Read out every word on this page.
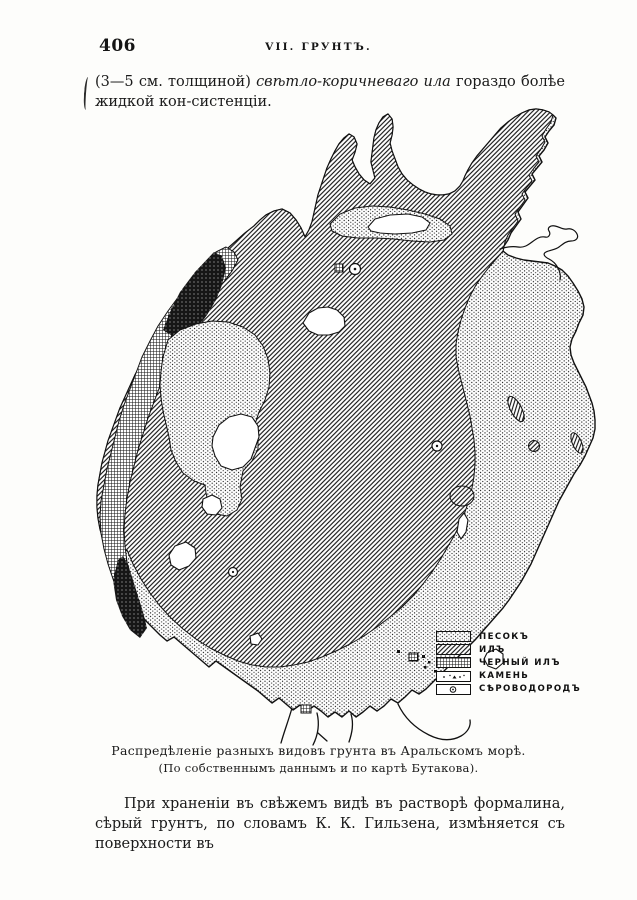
406	VII. ГРУНТЪ.
(3—5 см. толщиной) свѣтло-коричневаго ила гораздо болѣе жидкой кон-​систенціи.
ПЕСОКЪ
ИЛЪ
ЧЕРНЫЙ ИЛЪ
КАМЕНЬ
СѢРОВОДОРОДЪ
Распредѣленіе разныхъ видовъ грунта въ Аральскомъ морѣ.
(По собственнымъ даннымъ и по картѣ Бутакова).
При храненіи въ свѣжемъ видѣ въ растворѣ формалина, сѣрый грунтъ, по словамъ К. К. Гильзена, измѣняется съ поверхности въ
